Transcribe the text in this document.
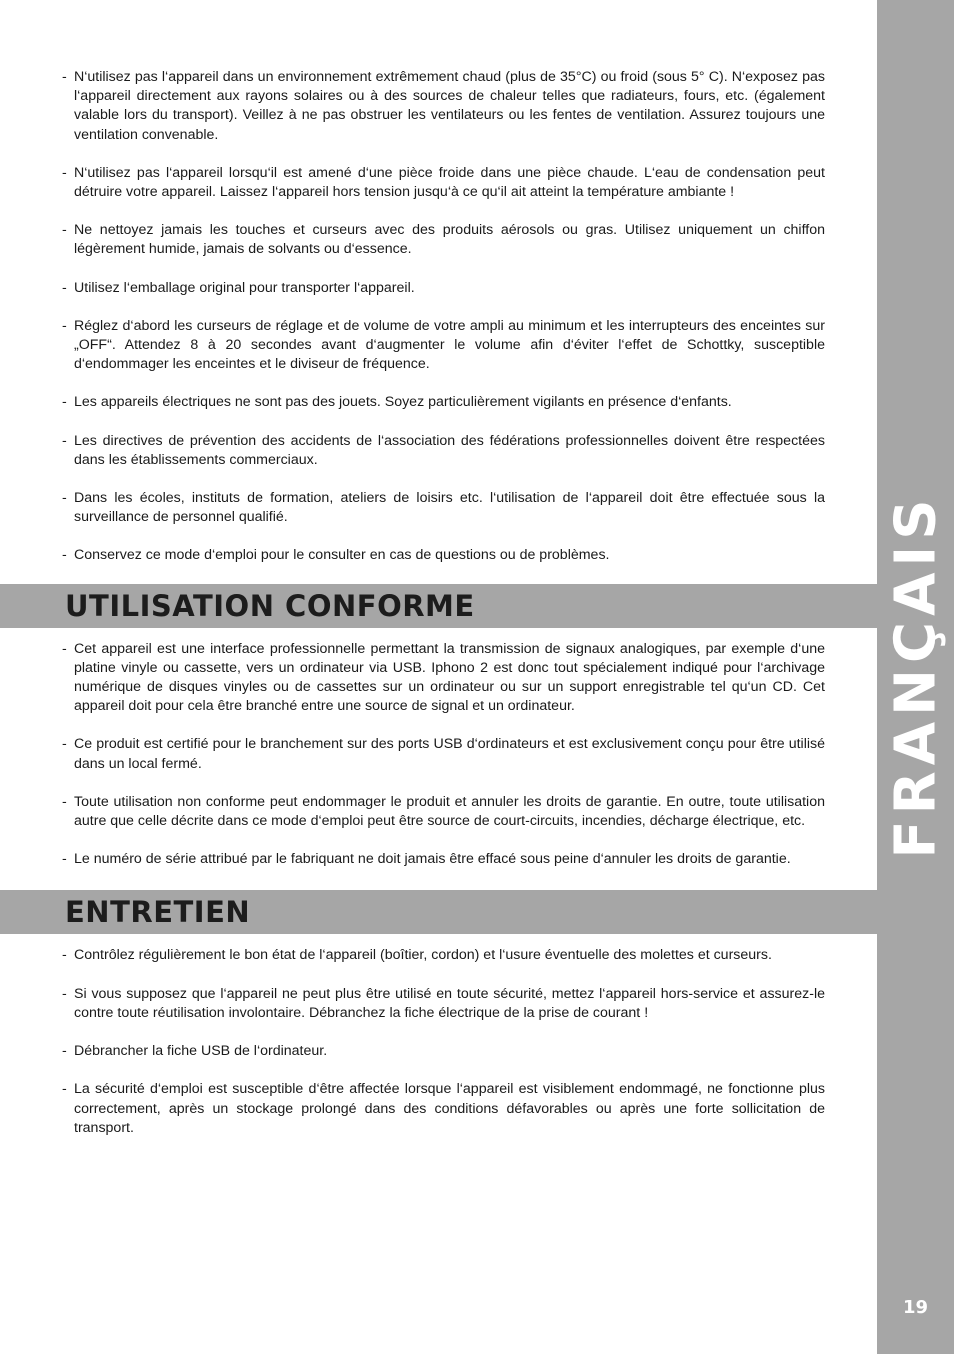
FRANÇAIS
19
- N‘utilisez pas l‘appareil dans un environnement extrêmement chaud (plus de 35°C) ou froid (sous 5° C). N‘exposez pas l‘appareil directement aux rayons solaires ou à des sources de chaleur telles que radiateurs, fours, etc. (également valable lors du transport). Veillez à ne pas obstruer les ventilateurs ou les fentes de ventilation. Assurez toujours une ventilation convenable.
- N‘utilisez pas l‘appareil lorsqu‘il est amené d‘une pièce froide dans une pièce chaude. L‘eau de condensation peut détruire votre appareil. Laissez l‘appareil hors tension jusqu‘à ce qu‘il ait atteint la température ambiante !
- Ne nettoyez jamais les touches et curseurs avec des produits aérosols ou gras. Utilisez uniquement un chiffon légèrement humide, jamais de solvants ou d‘essence.
- Utilisez l‘emballage original pour transporter l‘appareil.
- Réglez d‘abord les curseurs de réglage et de volume de votre ampli au minimum et les interrupteurs des enceintes sur „OFF“. Attendez 8 à 20 secondes avant d‘augmenter le volume afin d‘éviter l‘effet de Schottky, susceptible d‘endommager les enceintes et le diviseur de fréquence.
- Les appareils électriques ne sont pas des jouets. Soyez particulièrement vigilants en présence d‘enfants.
- Les directives de prévention des accidents de l‘association des fédérations professionnelles doivent être respectées dans les établissements commerciaux.
- Dans les écoles, instituts de formation, ateliers de loisirs etc. l‘utilisation de l‘appareil doit être effectuée sous la surveillance de personnel qualifié.
- Conservez ce mode d‘emploi pour le consulter en cas de questions ou de problèmes.
UTILISATION CONFORME
- Cet appareil est une interface professionnelle permettant la transmission de signaux analogiques, par exemple d‘une platine vinyle ou cassette, vers un ordinateur via USB. Iphono 2 est donc tout spécialement indiqué pour l‘archivage numérique de disques vinyles ou de cassettes sur un ordinateur ou sur un support enregistrable tel qu‘un CD. Cet appareil doit pour cela être branché entre une source de signal et un ordinateur.
- Ce produit est certifié pour le branchement sur des ports USB d‘ordinateurs et est exclusivement conçu pour être utilisé dans un local fermé.
- Toute utilisation non conforme peut endommager le produit et annuler les droits de garantie. En outre, toute utilisation autre que celle décrite dans ce mode d‘emploi peut être source de court-circuits, incendies, décharge électrique, etc.
- Le numéro de série attribué par le fabriquant ne doit jamais être effacé sous peine d‘annuler les droits de garantie.
ENTRETIEN
- Contrôlez régulièrement le bon état de l‘appareil (boîtier, cordon) et l‘usure éventuelle des molettes et curseurs.
- Si vous supposez que l‘appareil ne peut plus être utilisé en toute sécurité, mettez l‘appareil hors-service et assurez-le contre toute réutilisation involontaire. Débranchez la fiche électrique de la prise de courant !
- Débrancher la fiche USB de l‘ordinateur.
- La sécurité d‘emploi est susceptible d‘être affectée lorsque l‘appareil est visiblement endommagé, ne fonctionne plus correctement, après un stockage prolongé dans des conditions défavorables ou après une forte sollicitation de transport.
